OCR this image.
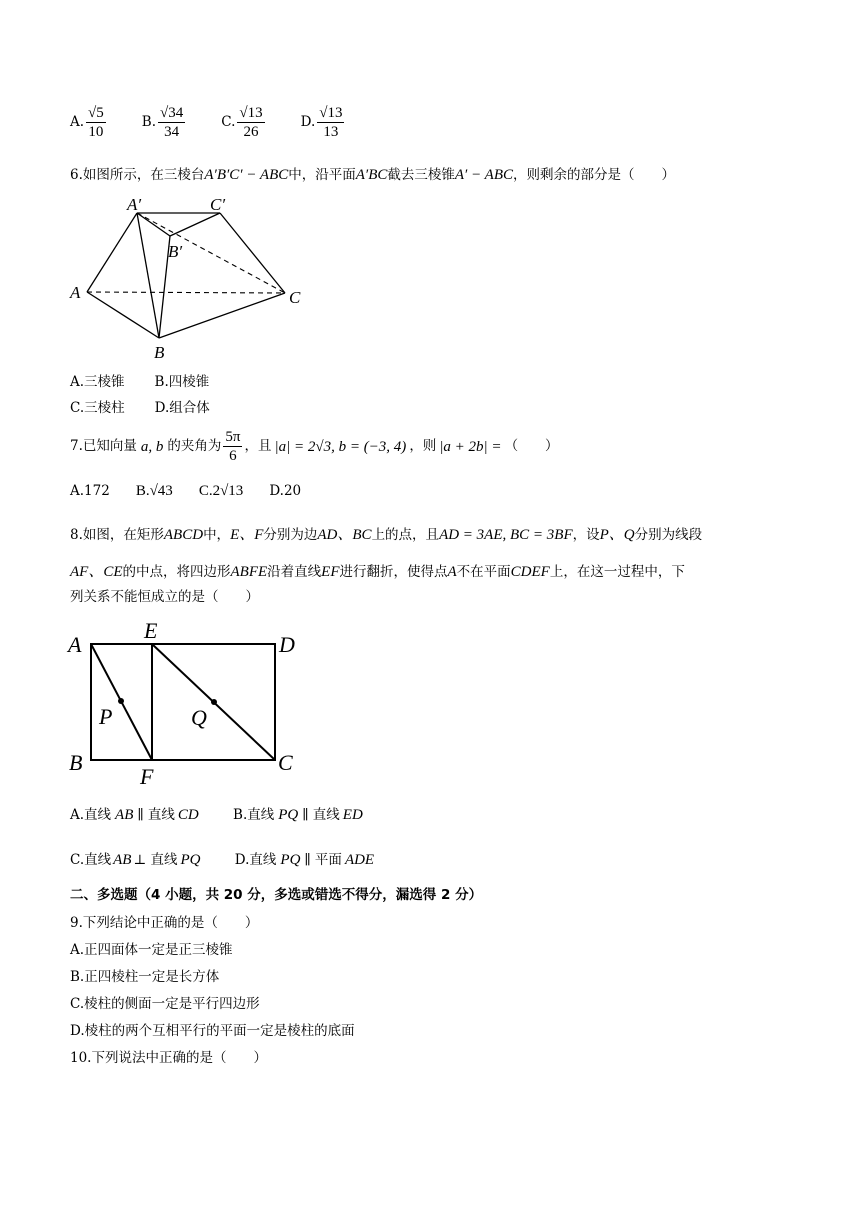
A. $\frac{√5}{10}$	B. $\frac{√34}{34}$	C. $\frac{√13}{26}$	D. $\frac{√13}{13}$
6.如图所示，在三棱台A′B′C′ − ABC中，沿平面A′BC截去三棱锥A′ − ABC，则剩余的部分是（　　）
A′	C′
B′
A	C
B
A.三棱锥 B.四棱锥
C.三棱柱 D.组合体
7.已知向量 a, b 的夹角为 $\frac{5\pi}{6}$ ，且 |a| = 2√3, b = (−3, 4) ，则 |a + 2b| = （　　）
A.172 B.√43 C.2√13 D.20
8.如图，在矩形ABCD中，E、F分别为边AD、BC上的点，且AD = 3AE, BC = 3BF，设P、Q分别为线段
AF、CE的中点，将四边形ABFE沿着直线EF进行翻折，使得点A不在平面CDEF上，在这一过程中，下
列关系不能恒成立的是（　　）
A
E
D
P	Q
B
F
C
A.直线 AB ∥ 直线 CD	B.直线 PQ ∥ 直线 ED
C.直线 AB ⊥ 直线 PQ	D.直线 PQ ∥ 平面 ADE
二、多选题（4 小题，共 20 分，多选或错选不得分，漏选得 2 分）
9.下列结论中正确的是（　　）
A.正四面体一定是正三棱锥
B.正四棱柱一定是长方体
C.棱柱的侧面一定是平行四边形
D.棱柱的两个互相平行的平面一定是棱柱的底面
10.下列说法中正确的是（　　）
